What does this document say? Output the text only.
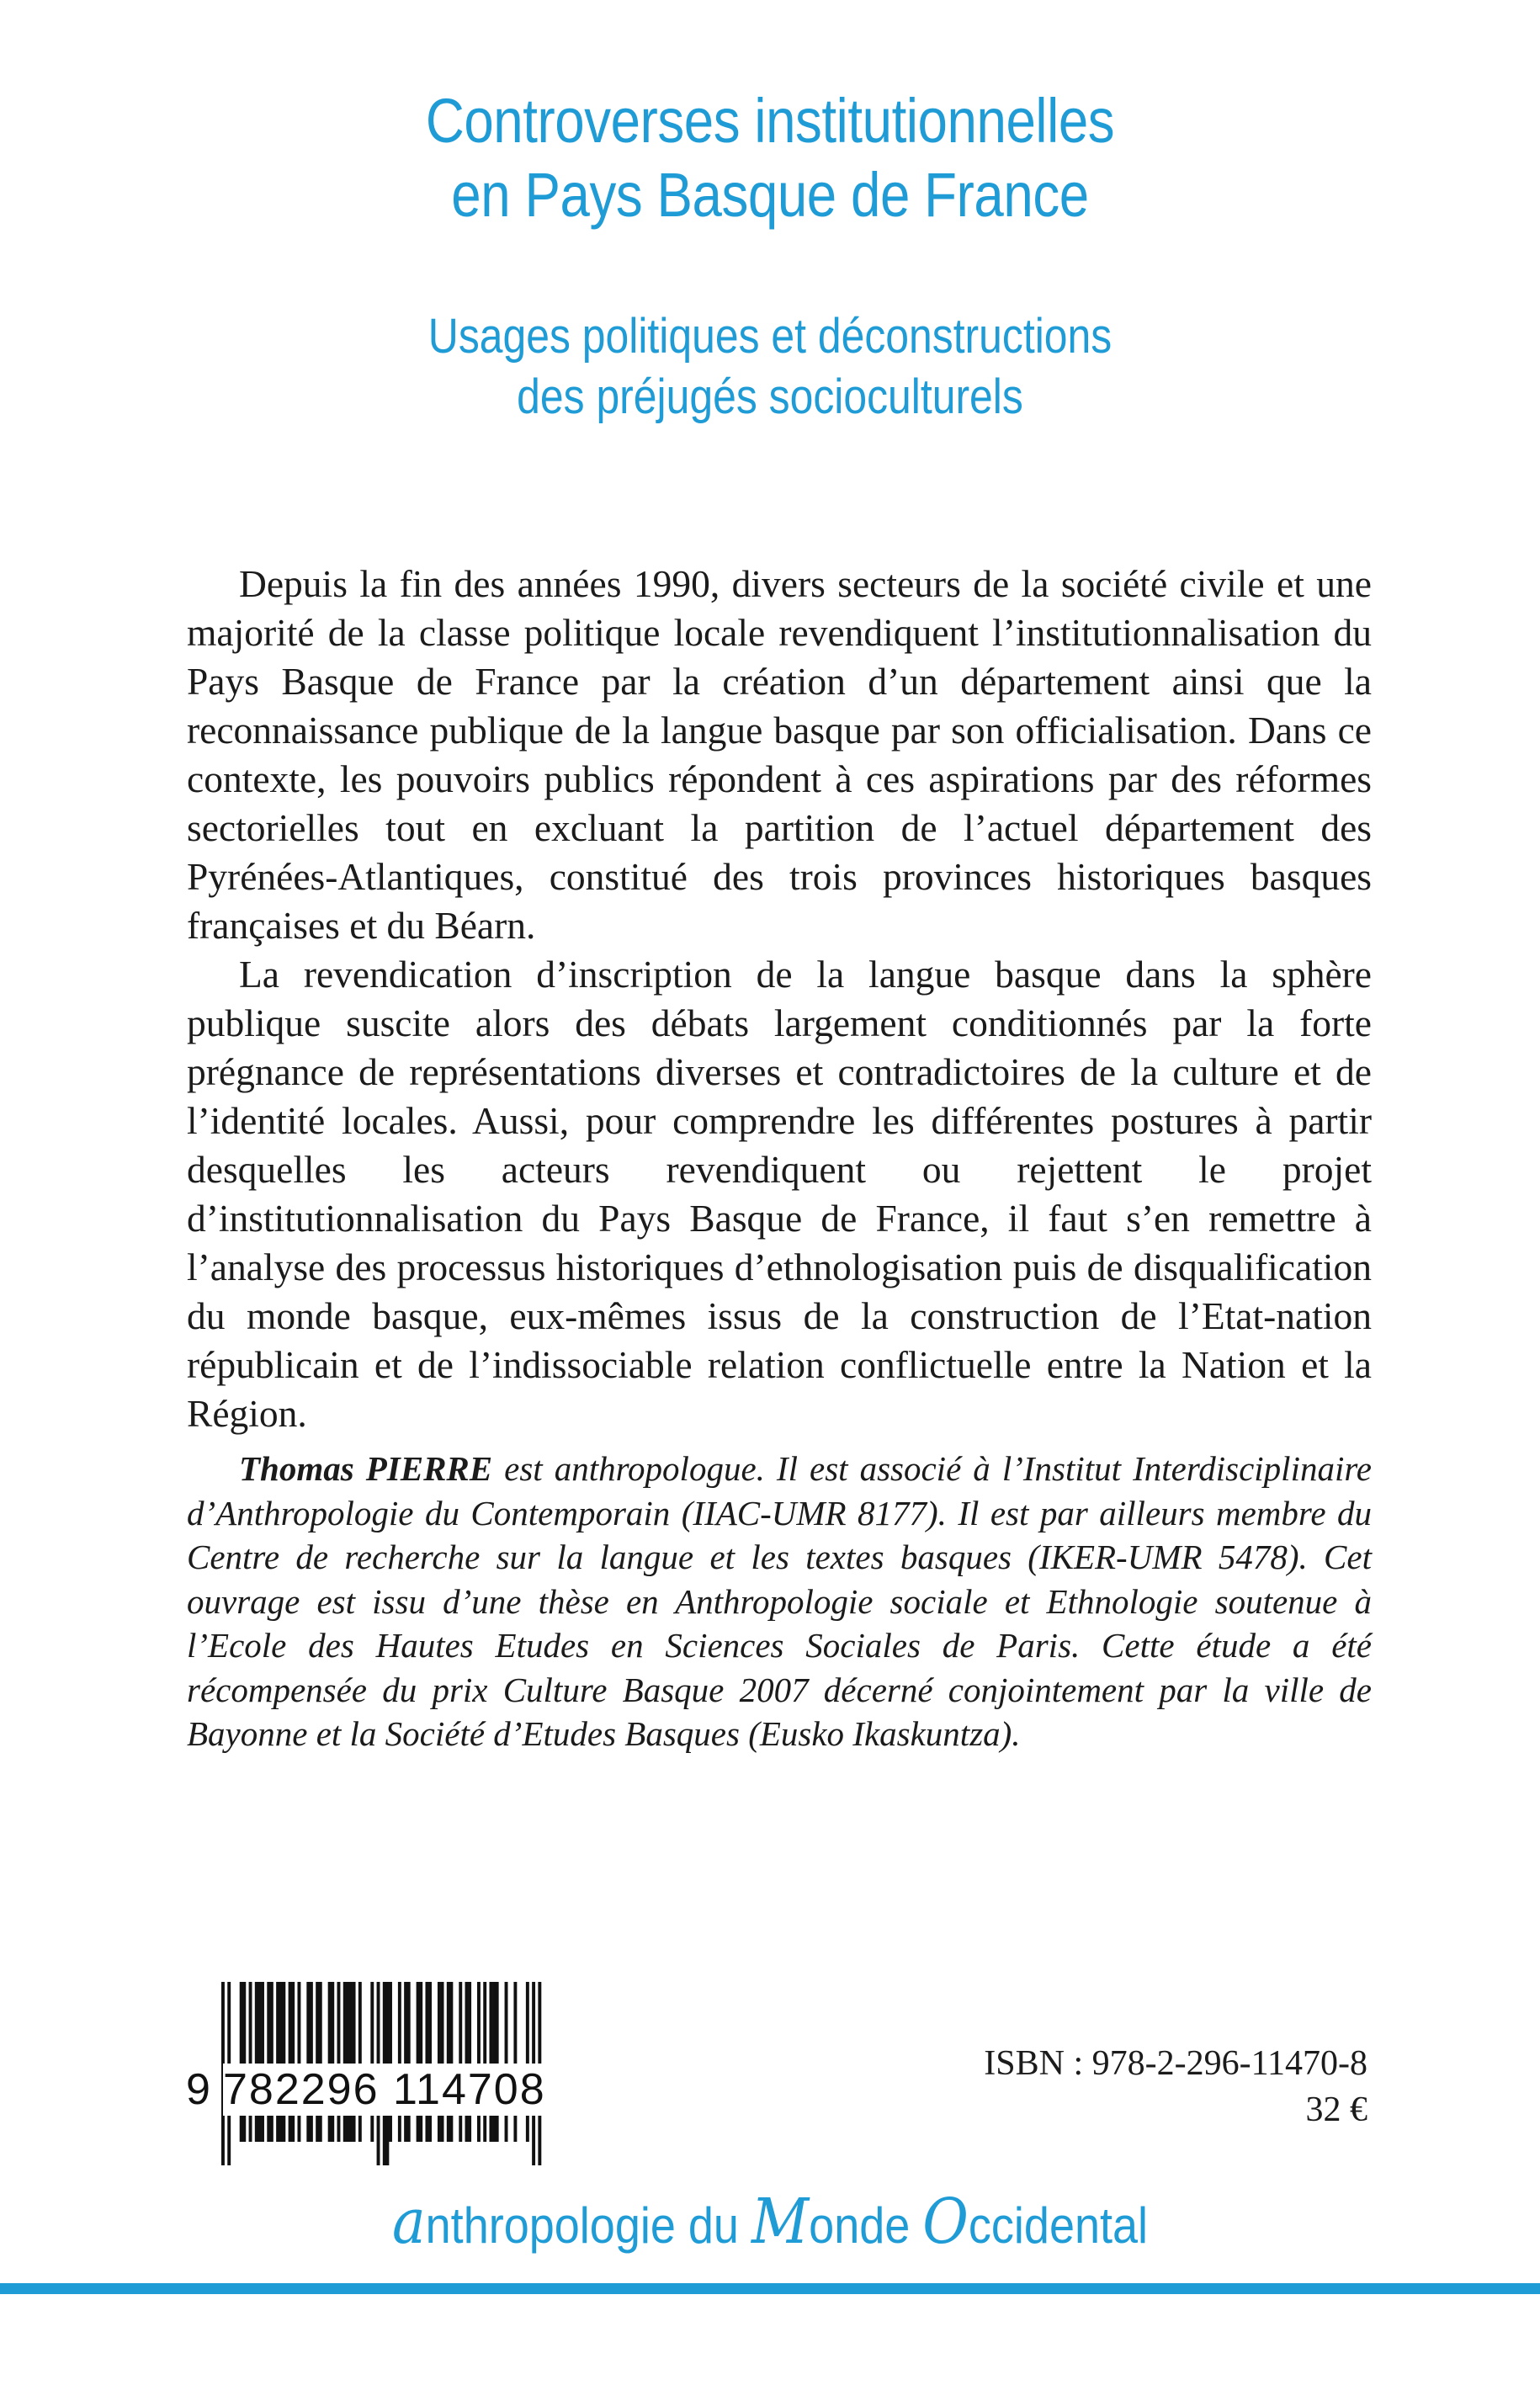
Controverses institutionnelles
en Pays Basque de France
Usages politiques et déconstructions
des préjugés socioculturels

Depuis la fin des années 1990, divers secteurs de la société civile et une majorité de la classe politique locale revendiquent l’institutionnalisation du Pays Basque de France par la création d’un département ainsi que la reconnaissance publique de la langue basque par son officialisation. Dans ce contexte, les pouvoirs publics répondent à ces aspirations par des réformes sectorielles tout en excluant la partition de l’actuel département des Pyrénées-Atlantiques, constitué des trois provinces historiques basques françaises et du Béarn.

La revendication d’inscription de la langue basque dans la sphère publique suscite alors des débats largement conditionnés par la forte prégnance de représentations diverses et contradictoires de la culture et de l’identité locales. Aussi, pour comprendre les différentes postures à partir desquelles les acteurs revendiquent ou rejettent le projet d’institutionnalisation du Pays Basque de France, il faut s’en remettre à l’analyse des processus historiques d’ethnologisation puis de disqualification du monde basque, eux-mêmes issus de la construction de l’Etat-nation républicain et de l’indissociable relation conflictuelle entre la Nation et la Région.

Thomas PIERRE est anthropologue. Il est associé à l’Institut Interdisciplinaire d’Anthropologie du Contemporain (IIAC-UMR 8177). Il est par ailleurs membre du Centre de recherche sur la langue et les textes basques (IKER-UMR 5478). Cet ouvrage est issu d’une thèse en Anthropologie sociale et Ethnologie soutenue à l’Ecole des Hautes Etudes en Sciences Sociales de Paris. Cette étude a été récompensée du prix Culture Basque 2007 décerné conjointement par la ville de Bayonne et la Société d’Etudes Basques (Eusko Ikaskuntza).

9 782296 114708
ISBN : 978-2-296-11470-8
32 €
anthropologie du Monde Occidental
